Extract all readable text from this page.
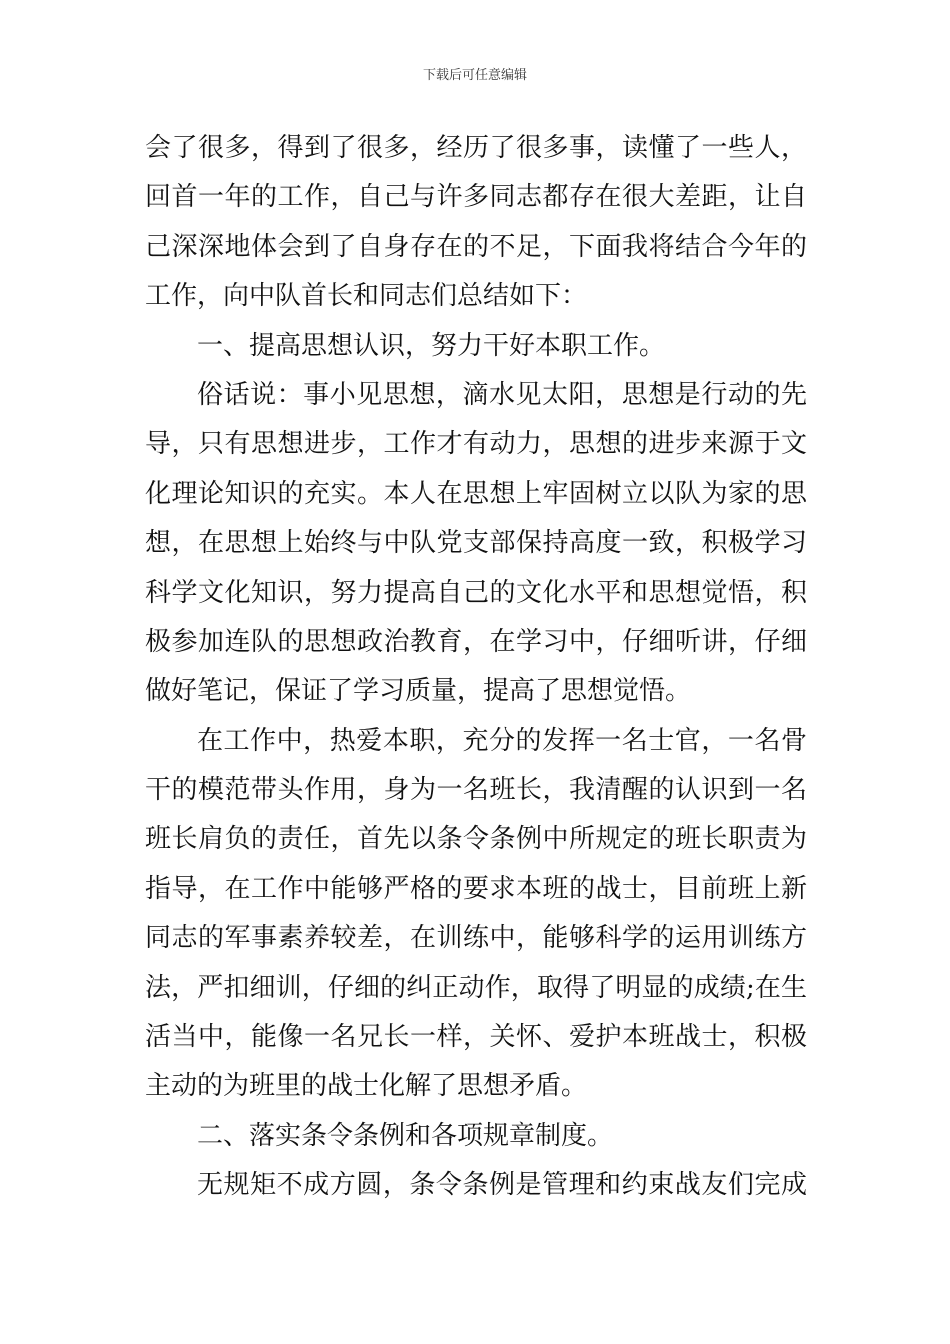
下载后可任意编辑
会了很多，得到了很多，经历了很多事，读懂了一些人，
回首一年的工作，自己与许多同志都存在很大差距，让自
己深深地体会到了自身存在的不足，下面我将结合今年的
工作，向中队首长和同志们总结如下：
一、提高思想认识，努力干好本职工作。
俗话说：事小见思想，滴水见太阳，思想是行动的先
导，只有思想进步，工作才有动力，思想的进步来源于文
化理论知识的充实。本人在思想上牢固树立以队为家的思
想，在思想上始终与中队党支部保持高度一致，积极学习
科学文化知识，努力提高自己的文化水平和思想觉悟，积
极参加连队的思想政治教育，在学习中，仔细听讲，仔细
做好笔记，保证了学习质量，提高了思想觉悟。
在工作中，热爱本职，充分的发挥一名士官，一名骨
干的模范带头作用，身为一名班长，我清醒的认识到一名
班长肩负的责任，首先以条令条例中所规定的班长职责为
指导，在工作中能够严格的要求本班的战士，目前班上新
同志的军事素养较差，在训练中，能够科学的运用训练方
法，严扣细训，仔细的纠正动作，取得了明显的成绩;在生
活当中，能像一名兄长一样，关怀、爱护本班战士，积极
主动的为班里的战士化解了思想矛盾。
二、落实条令条例和各项规章制度。
无规矩不成方圆，条令条例是管理和约束战友们完成
